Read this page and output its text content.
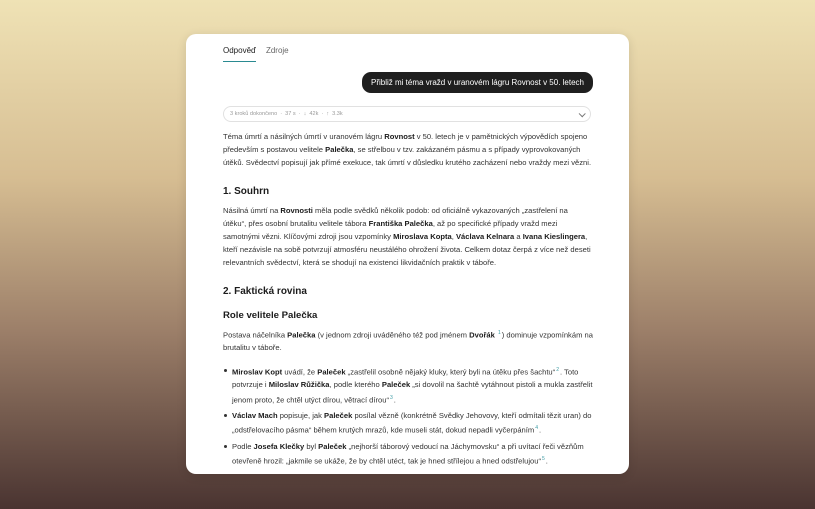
Odpověď Zdroje
Přibliž mi téma vražd v uranovém lágru Rovnost v 50. letech
3 kroků dokončeno · 37 s · ↓ 42k · ↑ 3.3k

Téma úmrtí a násilných úmrtí v uranovém lágru Rovnost v 50. letech je v pamětnických výpovědích spojeno především s postavou velitele Palečka, se střelbou v tzv. zakázaném pásmu a s případy vyprovokovaných útěků. Svědectví popisují jak přímé exekuce, tak úmrtí v důsledku krutého zacházení nebo vraždy mezi vězni.

1. Souhrn

Násilná úmrtí na Rovnosti měla podle svědků několik podob: od oficiálně vykazovaných „zastřelení na útěku“, přes osobní brutalitu velitele tábora Františka Palečka, až po specifické případy vražd mezi samotnými vězni. Klíčovými zdroji jsou vzpomínky Miroslava Kopta, Václava Kelnara a Ivana Kieslingera, kteří nezávisle na sobě potvrzují atmosféru neustálého ohrožení života. Celkem dotaz čerpá z více než deseti relevantních svědectví, která se shodují na existenci likvidačních praktik v táboře.

2. Faktická rovina
Role velitele Palečka

Postava náčelníka Palečka (v jednom zdroji uváděného též pod jménem Dvořák $^1$) dominuje vzpomínkám na brutalitu v táboře.

Miroslav Kopt uvádí, že Paleček „zastřelil osobně nějaký kluky, který byli na útěku přes šachtu“$^2$. Toto potvrzuje i Miloslav Růžička, podle kterého Paleček „si dovolil na šachtě vytáhnout pistoli a mukla zastřelit jenom proto, že chtěl utýct dírou, větrací dírou“$^3$.
Václav Mach popisuje, jak Paleček posílal vězně (konkrétně Svědky Jehovovy, kteří odmítali tězit uran) do „odstřelovacího pásma“ během krutých mrazů, kde museli stát, dokud nepadli vyčerpáním$^4$.
Podle Josefa Klečky byl Paleček „nejhorší táborový vedoucí na Jáchymovsku“ a při uvítací řeči vězňům otevřeně hrozil: „jakmile se ukáže, že by chtěl utéct, tak je hned střílejou a hned odstřelujou“$^5$.
